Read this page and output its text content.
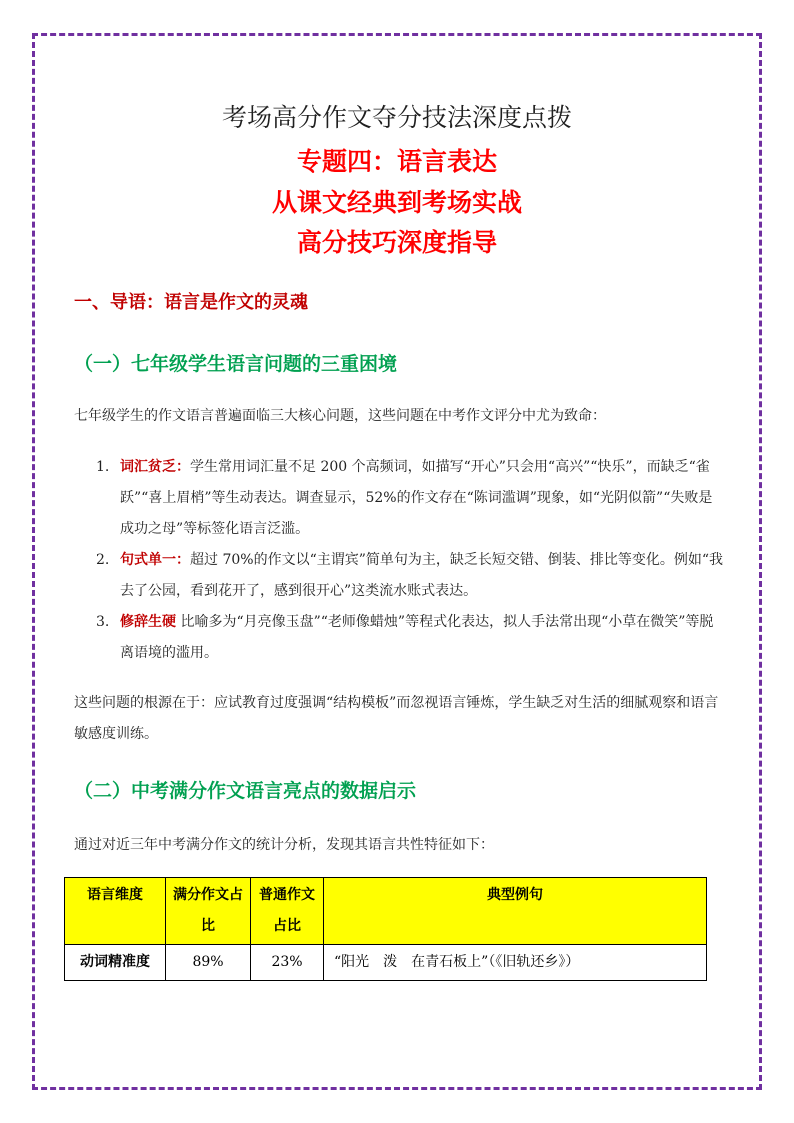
考场高分作文夺分技法深度点拨
专题四：语言表达
从课文经典到考场实战
高分技巧深度指导
一、导语：语言是作文的灵魂
（一）七年级学生语言问题的三重困境
七年级学生的作文语言普遍面临三大核心问题，这些问题在中考作文评分中尤为致命：
1. 词汇贫乏：学生常用词汇量不足 200 个高频词，如描写“开心”只会用“高兴”“快乐”，而缺乏“雀跃”“喜上眉梢”等生动表达。调查显示，52%的作文存在“陈词滥调”现象，如“光阴似箭”“失败是成功之母”等标签化语言泛滥。
2. 句式单一：超过 70%的作文以“主谓宾”简单句为主，缺乏长短交错、倒装、排比等变化。例如“我去了公园，看到花开了，感到很开心”这类流水账式表达。
3. 修辞生硬 比喻多为“月亮像玉盘”“老师像蜡烛”等程式化表达，拟人手法常出现“小草在微笑”等脱离语境的滥用。
这些问题的根源在于：应试教育过度强调“结构模板”而忽视语言锤炼，学生缺乏对生活的细腻观察和语言敏感度训练。
（二）中考满分作文语言亮点的数据启示
通过对近三年中考满分作文的统计分析，发现其语言共性特征如下：
语言维度	满分作文占比	普通作文占比	典型例句
动词精准度	89%	23%	“阳光　泼　在青石板上”（《旧轨还乡》）
